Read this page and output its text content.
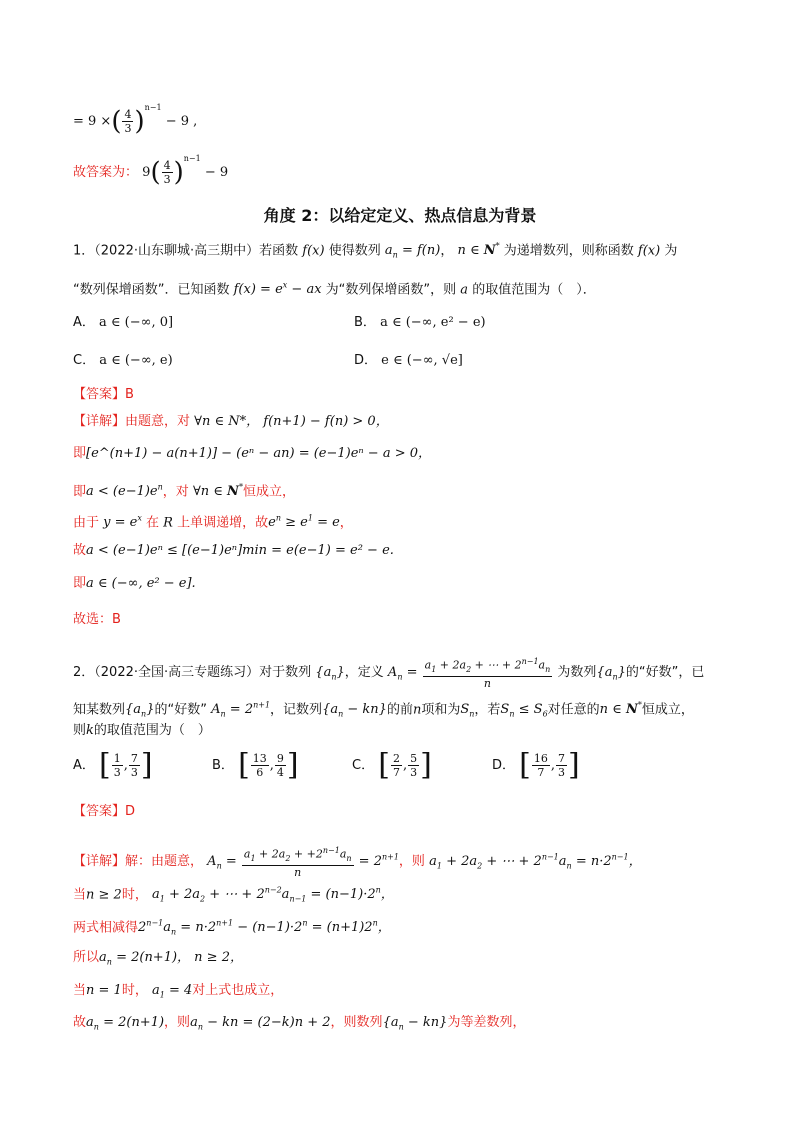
= 9 ×( $\frac{4}{3} )^{n-1} - 9$ ,
故答案为： $9( \frac{4}{3} )^{n-1} - 9$
角度 2：以给定定义、热点信息为背景
1．（2022·山东聊城·高三期中）若函数 f(x) 使得数列 $a_n = f(n)$， n ∈ N* 为递增数列，则称函数 f(x) 为
“数列保增函数”．已知函数 $f(x) = e^x$ − ax 为“数列保增函数”，则 a 的取值范围为（　）．
A． a ∈ (−∞, 0]	B． a ∈ (−∞, e² − e)
C． a ∈ (−∞, e)	D． e ∈ (−∞, √e]
【答案】B
【详解】由题意，对 ∀n ∈ N*， f(n+1) − f(n) > 0，
即[e^(n+1) − a(n+1)] − (eⁿ − an) = (e−1)eⁿ − a > 0，
即$a < (e-1)e^n$，对 ∀n ∈ N*恒成立，
由于 $y = e^x$ 在 R 上单调递增，故$e^n \ge e^1 = e$，
故a < (e−1)eⁿ ≤ [(e−1)eⁿ]min = e(e−1) = e² − e.
即a ∈ (−∞, e² − e].
故选：B
2．（2022·全国·高三专题练习）对于数列 $\{a_n\}$，定义 $A_n = \frac{a_1 + 2a_2 + \cdots + 2^{n-1}a_n}{n}$ 为数列$\{a_n\}$的“好数”，已
知某数列$\{a_n\}$的“好数” $A_n = 2^{n+1}$，记数列$\{a_n - kn\}$的前n项和为$S_n$，若$S_n \le S_6$对任意的n ∈ N*恒成立，
则k的取值范围为（　）
A． [ $\frac{1}{3}$ , $\frac{7}{3}$ ]	B． [ $\frac{13}{6}$ , $\frac{9}{4}$ ]	C． [ $\frac{2}{7}$ , $\frac{5}{3}$ ]	D． [ $\frac{16}{7}$ , $\frac{7}{3}$ ]
【答案】D
【详解】解：由题意， $A_n = \frac{a_1 + 2a_2 + +2^{n-1}a_n}{n} = 2^{n+1}$，则 $a_1 + 2a_2$ + ⋯ + $2^{n-1}a_n = n\cdot 2^{n-1}$，
当n ≥ 2时， $a_1 + 2a_2$ + ⋯ + $2^{n-2}a_{n-1} = (n-1)\cdot 2^n$，
两式相减得$2^{n-1}a_n = n\cdot 2^{n+1} - (n-1)\cdot 2^n = (n+1)2^n$，
所以$a_n = 2(n+1)$， n ≥ 2，
当n = 1时， $a_1 = 4$对上式也成立，
故$a_n = 2(n+1)$，则$a_n$ − kn = (2−k)n + 2，则数列$\{a_n - kn\}$为等差数列，
